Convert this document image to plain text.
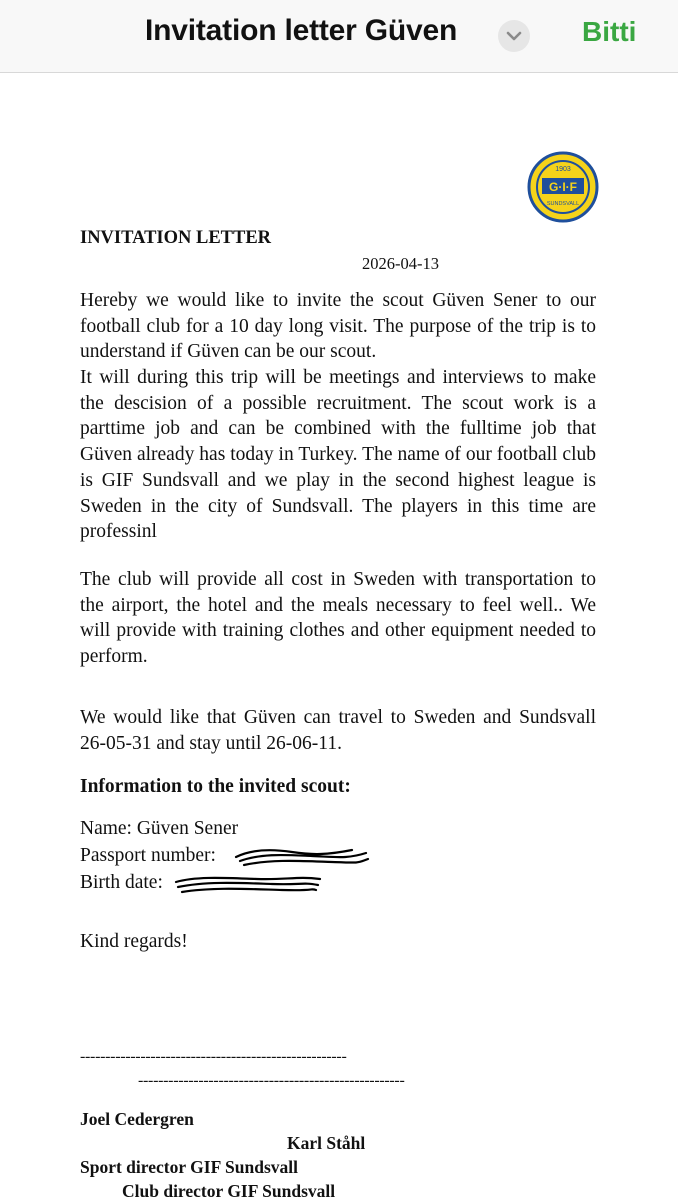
Invitation letter Güven	Bitti
1903
G·I·F
SUNDSVALL
INVITATION LETTER
2026-04-13
Hereby we would like to invite the scout Güven Sener to our football club for a 10 day long visit. The purpose of the trip is to understand if Güven can be our scout.
It will during this trip will be meetings and interviews to make the descision of a possible recruitment. The scout work is a parttime job and can be combined with the fulltime job that Güven already has today in Turkey. The name of our football club is GIF Sundsvall and we play in the second highest league is Sweden in the city of Sundsvall. The players in this time are professinl
The club will provide all cost in Sweden with transportation to the airport, the hotel and the meals necessary to feel well.. We will provide with training clothes and other equipment needed to perform.
We would like that Güven can travel to Sweden and Sundsvall 26-05-31 and stay until 26-06-11.
Information to the invited scout:
Name: Güven Sener
Passport number:
Birth date:
Kind regards!
-----------------------------------------------------
-----------------------------------------------------
Joel Cedergren
Karl Ståhl
Sport director GIF Sundsvall
Club director GIF Sundsvall
